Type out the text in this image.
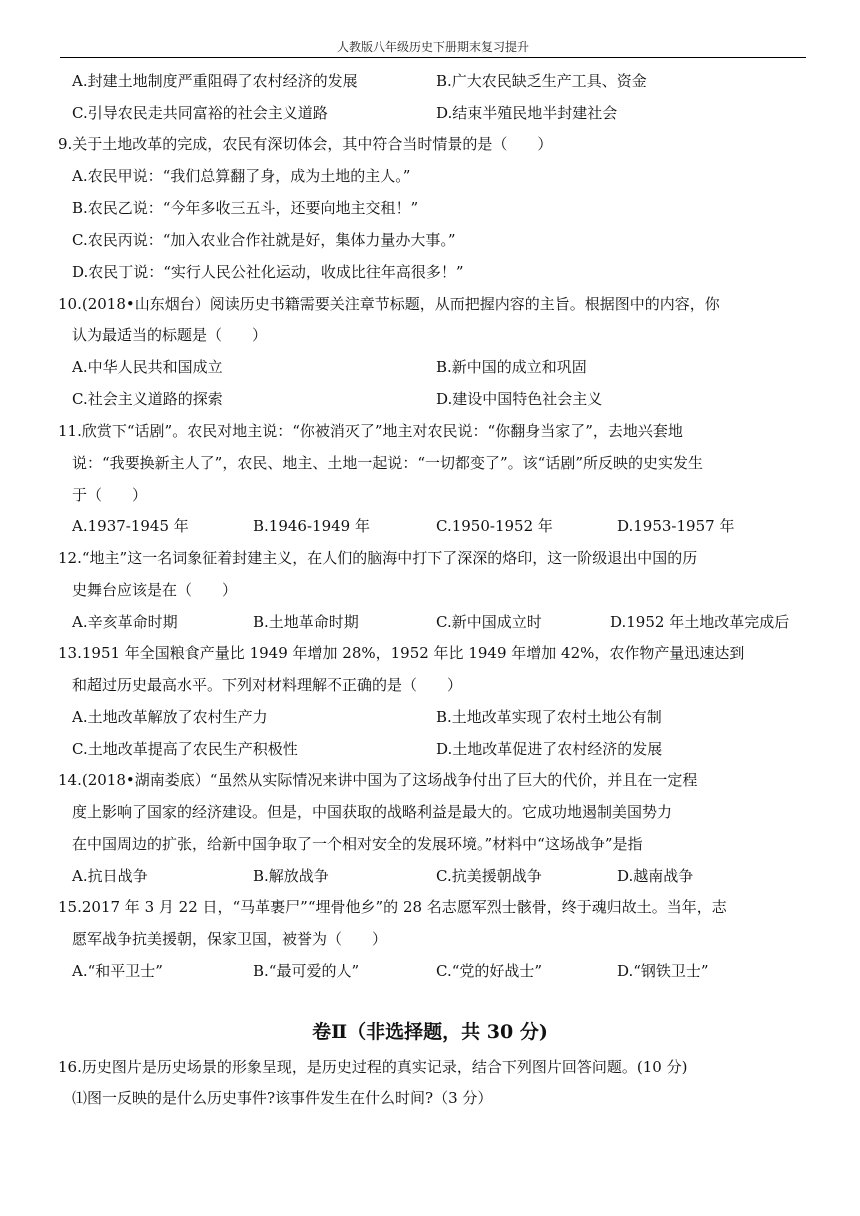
人教版八年级历史下册期末复习提升
A.封建土地制度严重阻碍了农村经济的发展	B.广大农民缺乏生产工具、资金
C.引导农民走共同富裕的社会主义道路	D.结束半殖民地半封建社会
9.关于土地改革的完成，农民有深切体会，其中符合当时情景的是（　　）
A.农民甲说：“我们总算翻了身，成为土地的主人。”
B.农民乙说：“今年多收三五斗，还要向地主交租！”
C.农民丙说：“加入农业合作社就是好，集体力量办大事。”
D.农民丁说：“实行人民公社化运动，收成比往年高很多！”
10.(2018•山东烟台）阅读历史书籍需要关注章节标题，从而把握内容的主旨。根据图中的内容，你
认为最适当的标题是（　　）
A.中华人民共和国成立	B.新中国的成立和巩固
C.社会主义道路的探索	D.建设中国特色社会主义
11.欣赏下“话剧”。农民对地主说：“你被消灭了”地主对农民说：“你翻身当家了”，去地兴套地
说：“我要换新主人了”，农民、地主、土地一起说：“一切都变了”。该“话剧”所反映的史实发生
于（　　）
A.1937-1945 年	B.1946-1949 年	C.1950-1952 年	D.1953-1957 年
12.“地主”这一名词象征着封建主义，在人们的脑海中打下了深深的烙印，这一阶级退出中国的历
史舞台应该是在（　　）
A.辛亥革命时期	B.土地革命时期	C.新中国成立时	D.1952 年土地改革完成后
13.1951 年全国粮食产量比 1949 年增加 28%，1952 年比 1949 年增加 42%，农作物产量迅速达到
和超过历史最高水平。下列对材料理解不正确的是（　　）
A.土地改革解放了农村生产力	B.土地改革实现了农村土地公有制
C.土地改革提高了农民生产积极性	D.土地改革促进了农村经济的发展
14.(2018•湖南娄底）“虽然从实际情况来讲中国为了这场战争付出了巨大的代价，并且在一定程
度上影响了国家的经济建设。但是，中国获取的战略利益是最大的。它成功地遏制美国势力
在中国周边的扩张，给新中国争取了一个相对安全的发展环境。”材料中“这场战争”是指
A.抗日战争	B.解放战争	C.抗美援朝战争	D.越南战争
15.2017 年 3 月 22 日，“马革裹尸”“埋骨他乡”的 28 名志愿军烈士骸骨，终于魂归故土。当年，志
愿军战争抗美援朝，保家卫国，被誉为（　　）
A.“和平卫士”	B.“最可爱的人”	C.“党的好战士”	D.“钢铁卫士”
卷Ⅱ（非选择题，共 30 分)
16.历史图片是历史场景的形象呈现，是历史过程的真实记录，结合下列图片回答问题。(10 分)
⑴图一反映的是什么历史事件?该事件发生在什么时间?（3 分）
